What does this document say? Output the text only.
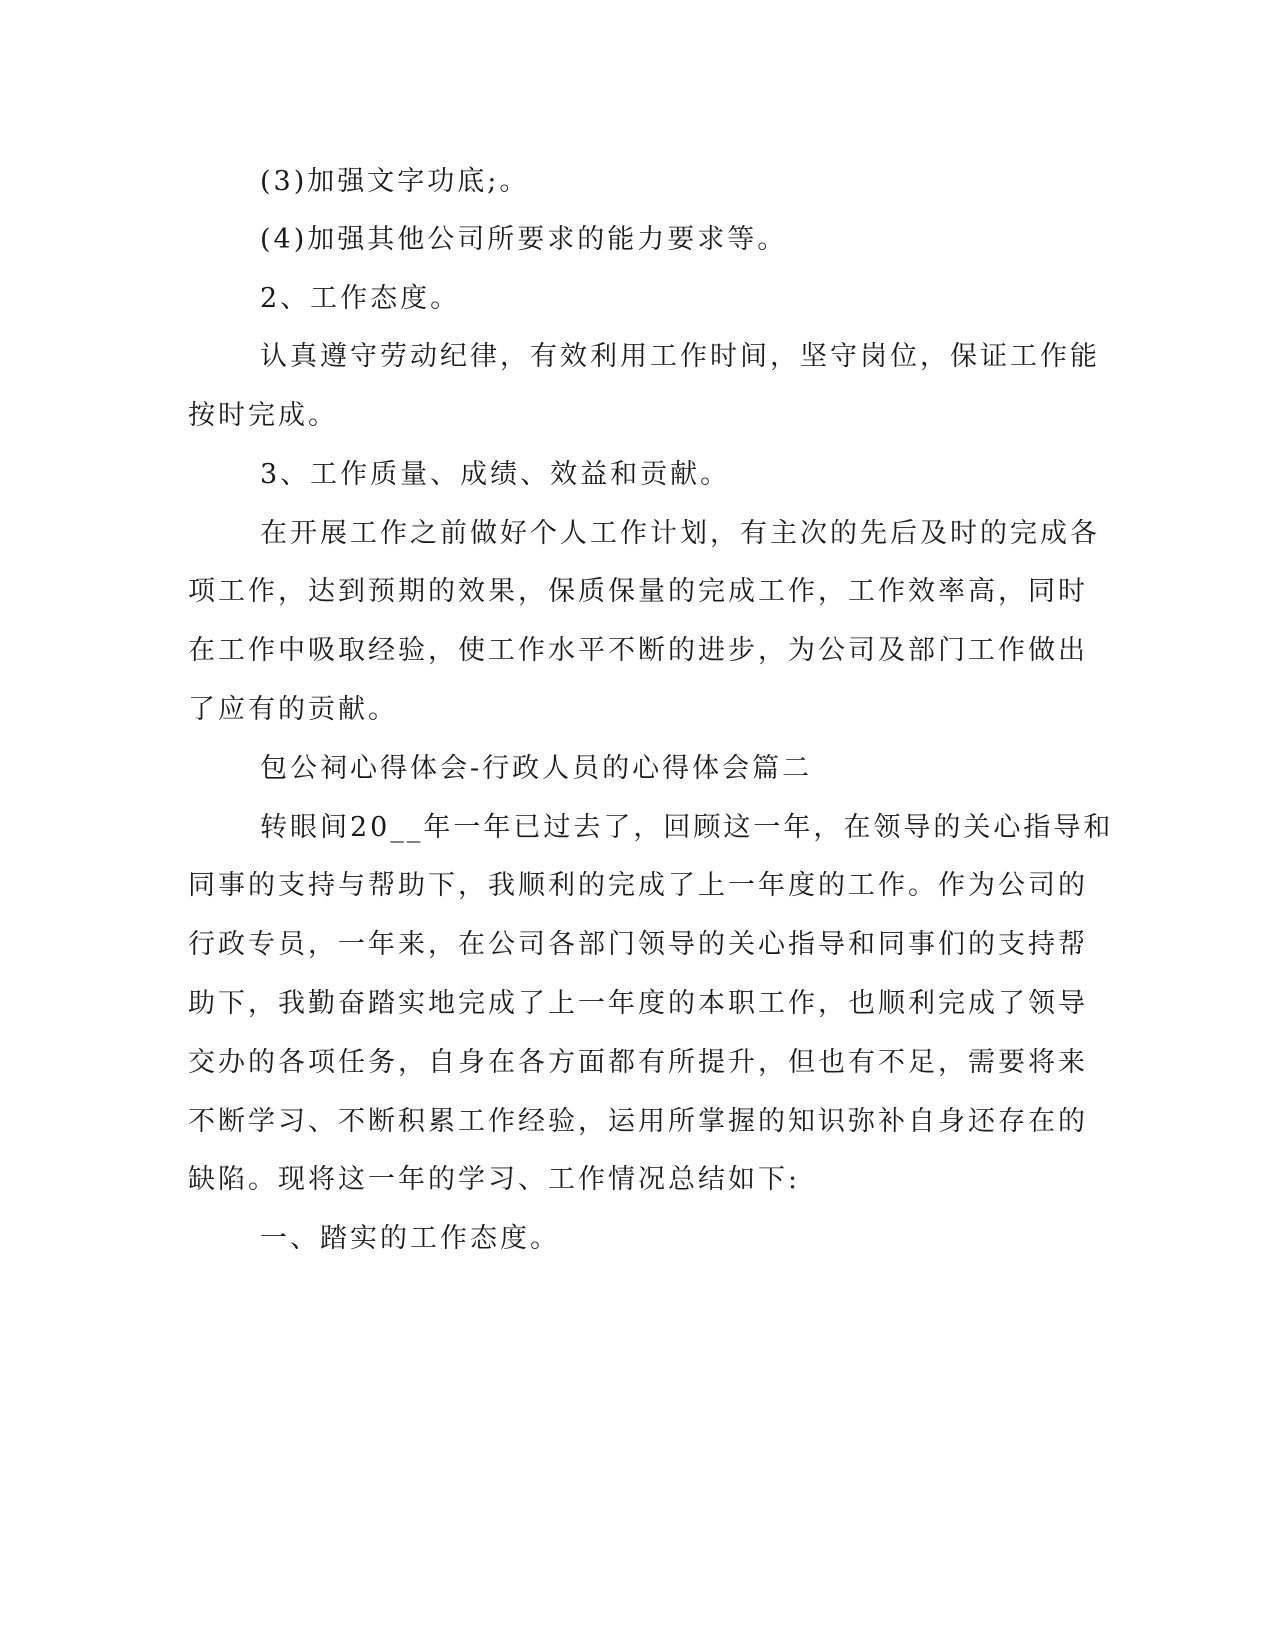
(3)加强文字功底;。
(4)加强其他公司所要求的能力要求等。
2、工作态度。
认真遵守劳动纪律，有效利用工作时间，坚守岗位，保证工作能
按时完成。
3、工作质量、成绩、效益和贡献。
在开展工作之前做好个人工作计划，有主次的先后及时的完成各
项工作，达到预期的效果，保质保量的完成工作，工作效率高，同时
在工作中吸取经验，使工作水平不断的进步，为公司及部门工作做出
了应有的贡献。
包公祠心得体会-行政人员的心得体会篇二
转眼间20__年一年已过去了，回顾这一年，在领导的关心指导和
同事的支持与帮助下，我顺利的完成了上一年度的工作。作为公司的
行政专员，一年来，在公司各部门领导的关心指导和同事们的支持帮
助下，我勤奋踏实地完成了上一年度的本职工作，也顺利完成了领导
交办的各项任务，自身在各方面都有所提升，但也有不足，需要将来
不断学习、不断积累工作经验，运用所掌握的知识弥补自身还存在的
缺陷。现将这一年的学习、工作情况总结如下:
一、踏实的工作态度。
